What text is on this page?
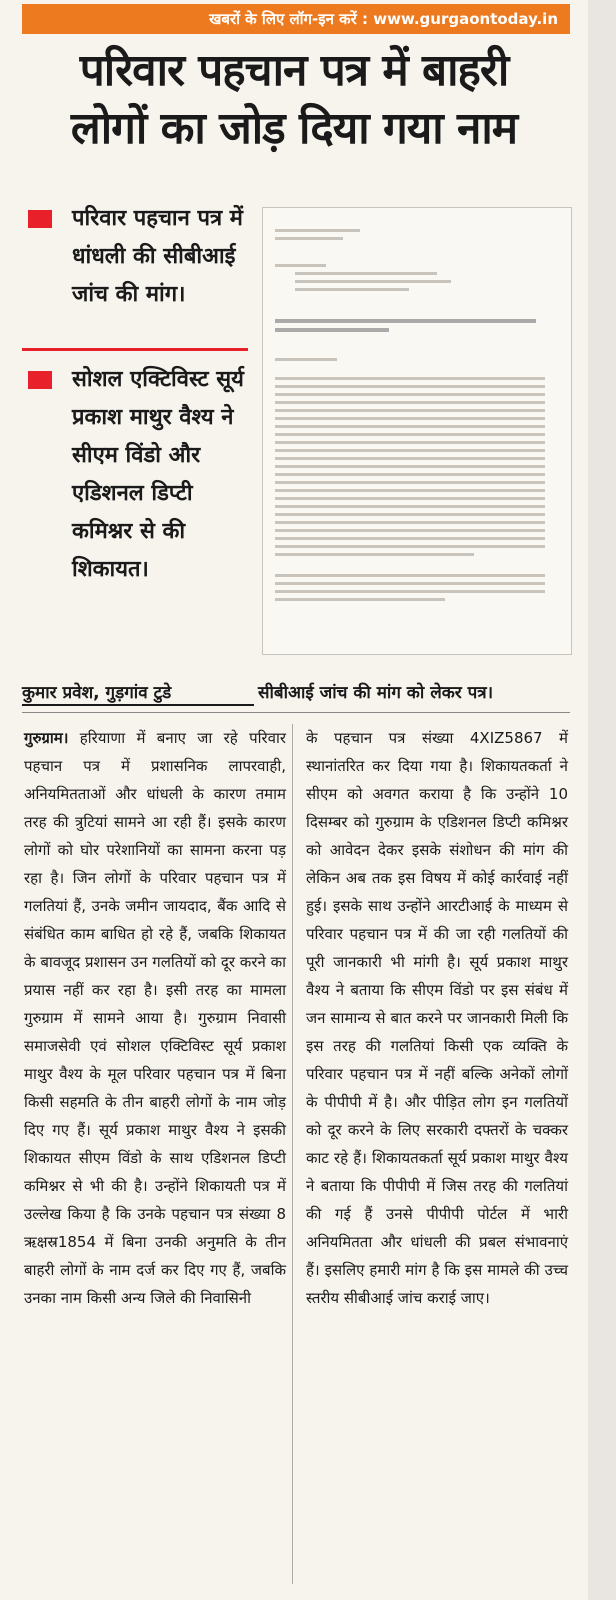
खबरों के लिए लॉग-इन करें : www.gurgaontoday.in
परिवार पहचान पत्र में बाहरी
लोगों का जोड़ दिया गया नाम
परिवार पहचान पत्र में धांधली की सीबीआई जांच की मांग।
सोशल एक्टिविस्ट सूर्य प्रकाश माथुर वैश्य ने सीएम विंडो और एडिशनल डिप्टी कमिश्नर से की शिकायत।
कुमार प्रवेश, गुड़गांव टुडे	सीबीआई जांच की मांग को लेकर पत्र।
गुरुग्राम। हरियाणा में बनाए जा रहे परिवार पहचान पत्र में प्रशासनिक लापरवाही, अनियमितताओं और धांधली के कारण तमाम तरह की त्रुटियां सामने आ रही हैं। इसके कारण लोगों को घोर परेशानियों का सामना करना पड़ रहा है। जिन लोगों के परिवार पहचान पत्र में गलतियां हैं, उनके जमीन जायदाद, बैंक आदि से संबंधित काम बाधित हो रहे हैं, जबकि शिकायत के बावजूद प्रशासन उन गलतियों को दूर करने का प्रयास नहीं कर रहा है। इसी तरह का मामला गुरुग्राम में सामने आया है। गुरुग्राम निवासी समाजसेवी एवं सोशल एक्टिविस्ट सूर्य प्रकाश माथुर वैश्य के मूल परिवार पहचान पत्र में बिना किसी सहमति के तीन बाहरी लोगों के नाम जोड़ दिए गए हैं। सूर्य प्रकाश माथुर वैश्य ने इसकी शिकायत सीएम विंडो के साथ एडिशनल डिप्टी कमिश्नर से भी की है। उन्होंने शिकायती पत्र में उल्लेख किया है कि उनके पहचान पत्र संख्या 8 ऋक्षस्र1854 में बिना उनकी अनुमति के तीन बाहरी लोगों के नाम दर्ज कर दिए गए हैं, जबकि उनका नाम किसी अन्य जिले की निवासिनी
के पहचान पत्र संख्या 4XIZ5867 में स्थानांतरित कर दिया गया है। शिकायतकर्ता ने सीएम को अवगत कराया है कि उन्होंने 10 दिसम्बर को गुरुग्राम के एडिशनल डिप्टी कमिश्नर को आवेदन देकर इसके संशोधन की मांग की लेकिन अब तक इस विषय में कोई कार्रवाई नहीं हुई। इसके साथ उन्होंने आरटीआई के माध्यम से परिवार पहचान पत्र में की जा रही गलतियों की पूरी जानकारी भी मांगी है। सूर्य प्रकाश माथुर वैश्य ने बताया कि सीएम विंडो पर इस संबंध में जन सामान्य से बात करने पर जानकारी मिली कि इस तरह की गलतियां किसी एक व्यक्ति के परिवार पहचान पत्र में नहीं बल्कि अनेकों लोगों के पीपीपी में है। और पीड़ित लोग इन गलतियों को दूर करने के लिए सरकारी दफ्तरों के चक्कर काट रहे हैं। शिकायतकर्ता सूर्य प्रकाश माथुर वैश्य ने बताया कि पीपीपी में जिस तरह की गलतियां की गई हैं उनसे पीपीपी पोर्टल में भारी अनियमितता और धांधली की प्रबल संभावनाएं हैं। इसलिए हमारी मांग है कि इस मामले की उच्च स्तरीय सीबीआई जांच कराई जाए।
